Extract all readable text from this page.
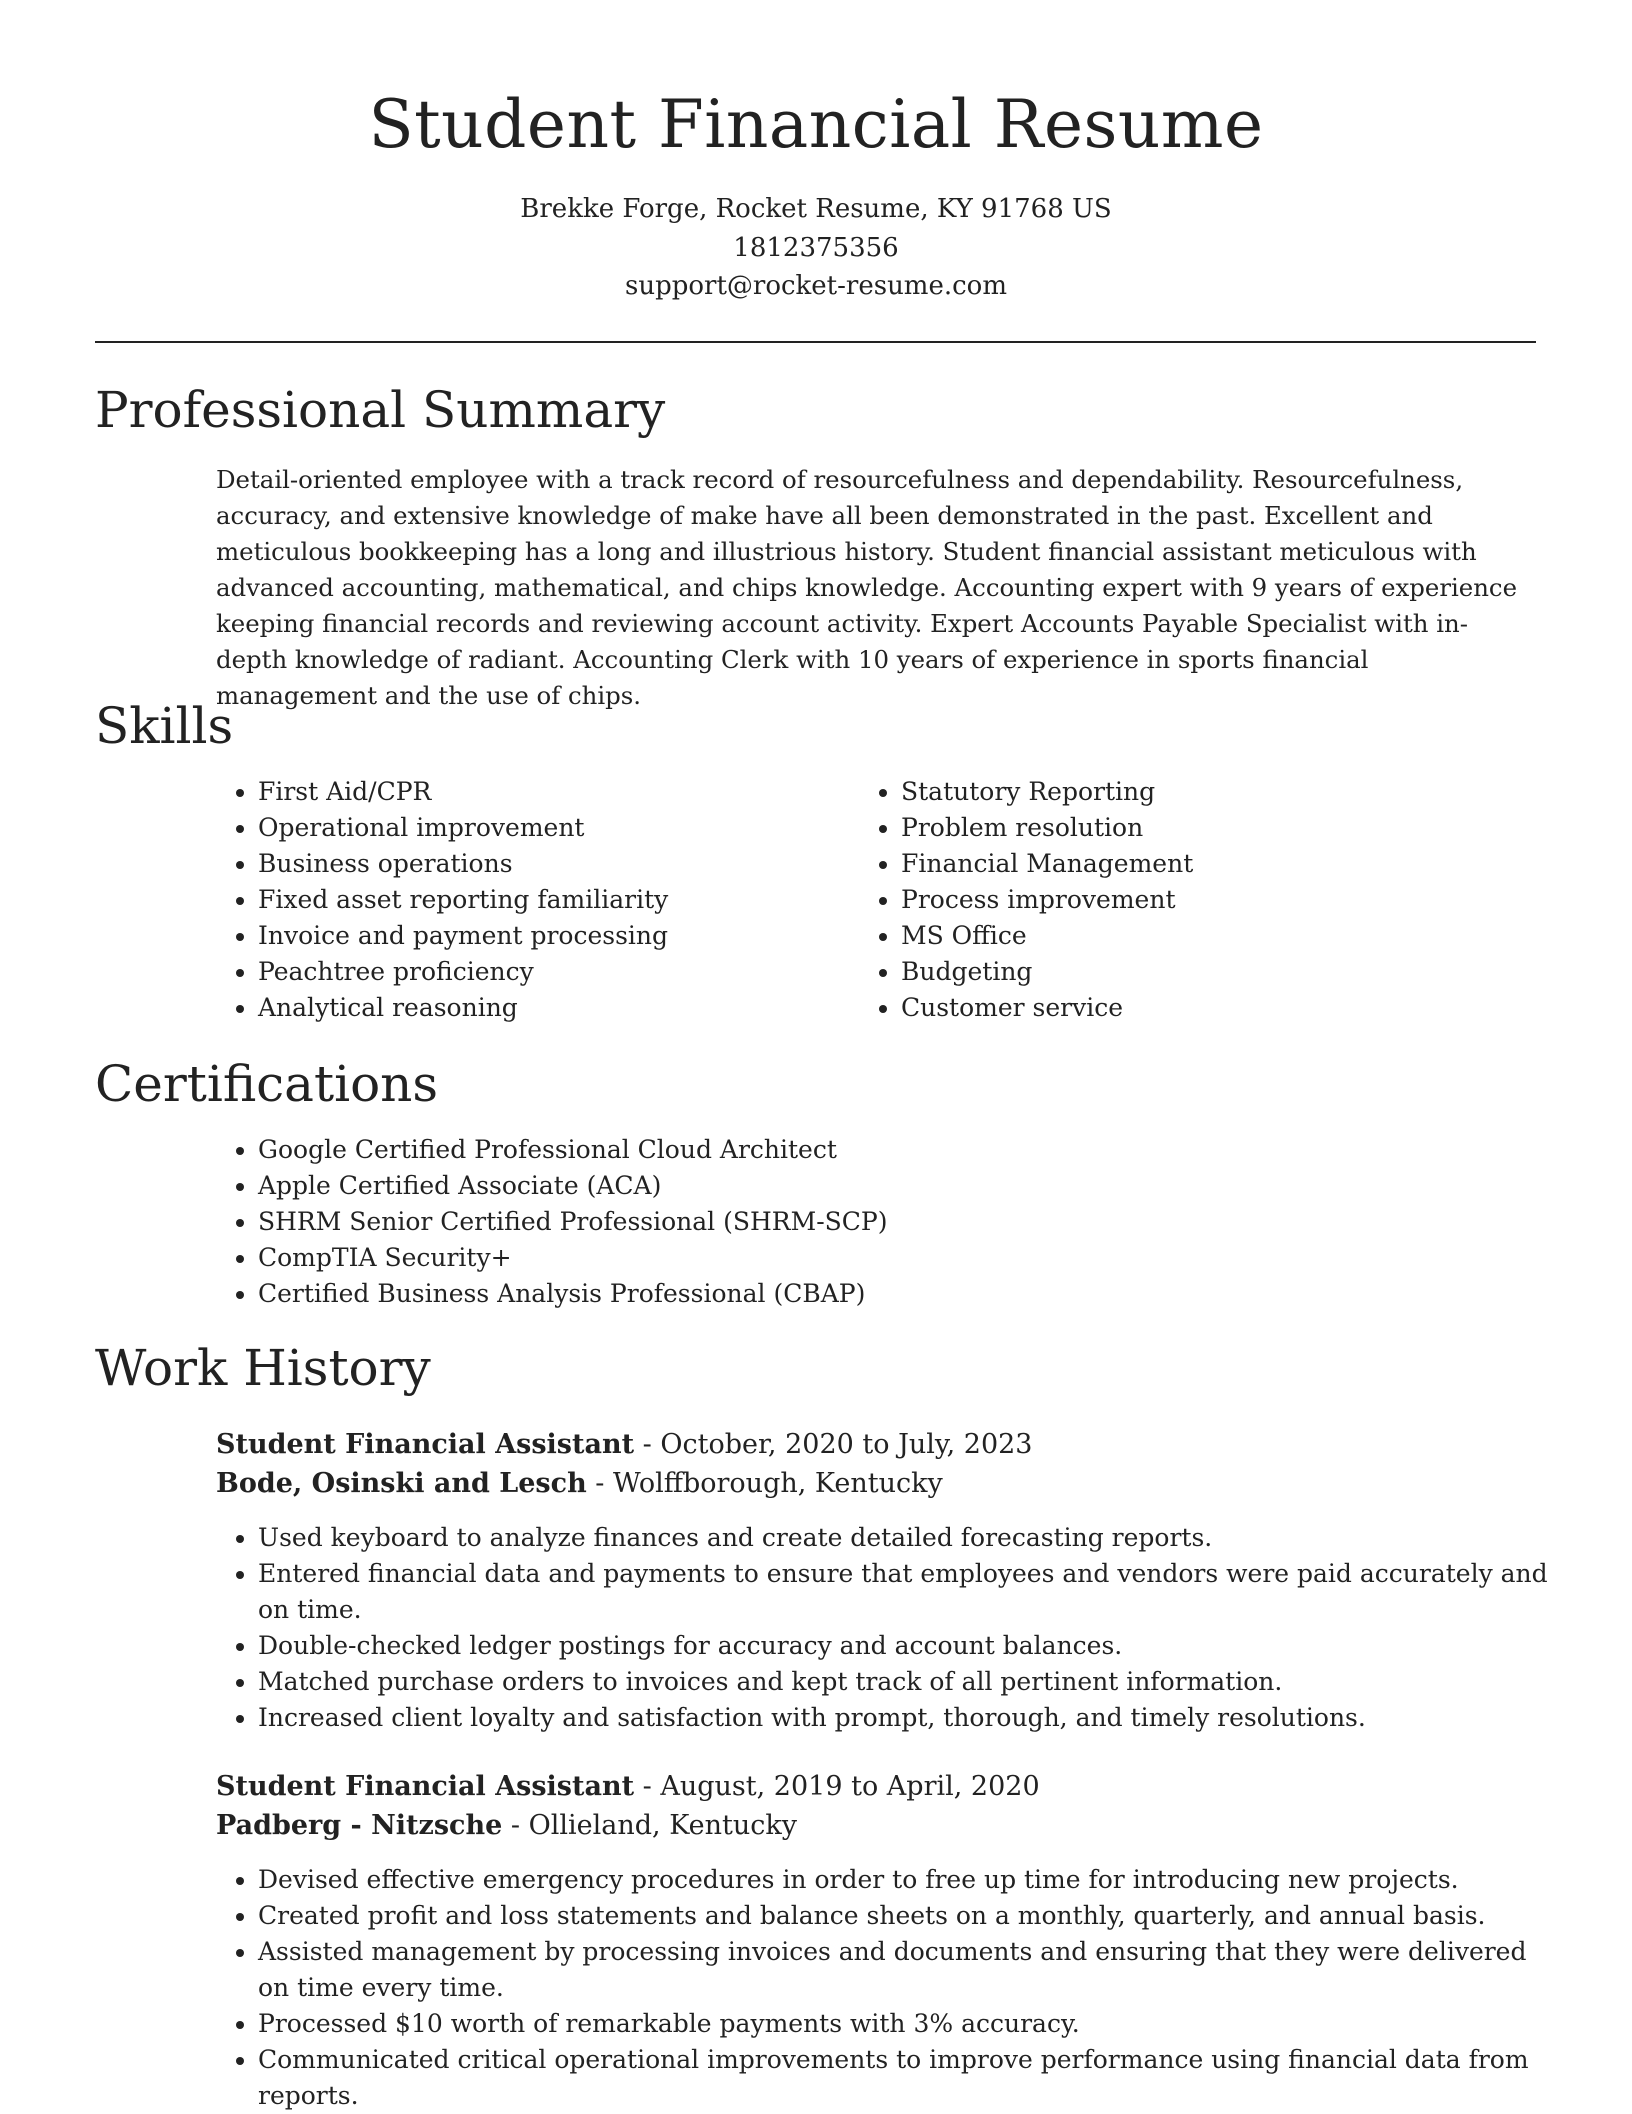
Student Financial Resume
Brekke Forge, Rocket Resume, KY 91768 US
1812375356
support@rocket-resume.com
Professional Summary

Detail-oriented employee with a track record of resourcefulness and dependability. Resourcefulness, accuracy, and extensive knowledge of make have all been demonstrated in the past. Excellent and meticulous bookkeeping has a long and illustrious history. Student financial assistant meticulous with advanced accounting, mathematical, and chips knowledge. Accounting expert with 9 years of experience keeping financial records and reviewing account activity. Expert Accounts Payable Specialist with in-depth knowledge of radiant. Accounting Clerk with 10 years of experience in sports financial management and the use of chips.

Skills
• First Aid/CPR
• Operational improvement
• Business operations
• Fixed asset reporting familiarity
• Invoice and payment processing
• Peachtree proficiency
• Analytical reasoning
• Statutory Reporting
• Problem resolution
• Financial Management
• Process improvement
• MS Office
• Budgeting
• Customer service
Certifications
• Google Certified Professional Cloud Architect
• Apple Certified Associate (ACA)
• SHRM Senior Certified Professional (SHRM-SCP)
• CompTIA Security+
• Certified Business Analysis Professional (CBAP)
Work History
Student Financial Assistant - October, 2020 to July, 2023
Bode, Osinski and Lesch - Wolffborough, Kentucky
• Used keyboard to analyze finances and create detailed forecasting reports.
• Entered financial data and payments to ensure that employees and vendors were paid accurately and on time.
• Double-checked ledger postings for accuracy and account balances.
• Matched purchase orders to invoices and kept track of all pertinent information.
• Increased client loyalty and satisfaction with prompt, thorough, and timely resolutions.
Student Financial Assistant - August, 2019 to April, 2020
Padberg - Nitzsche - Ollieland, Kentucky
• Devised effective emergency procedures in order to free up time for introducing new projects.
• Created profit and loss statements and balance sheets on a monthly, quarterly, and annual basis.
• Assisted management by processing invoices and documents and ensuring that they were delivered on time every time.
• Processed $10 worth of remarkable payments with 3% accuracy.
• Communicated critical operational improvements to improve performance using financial data from reports.
